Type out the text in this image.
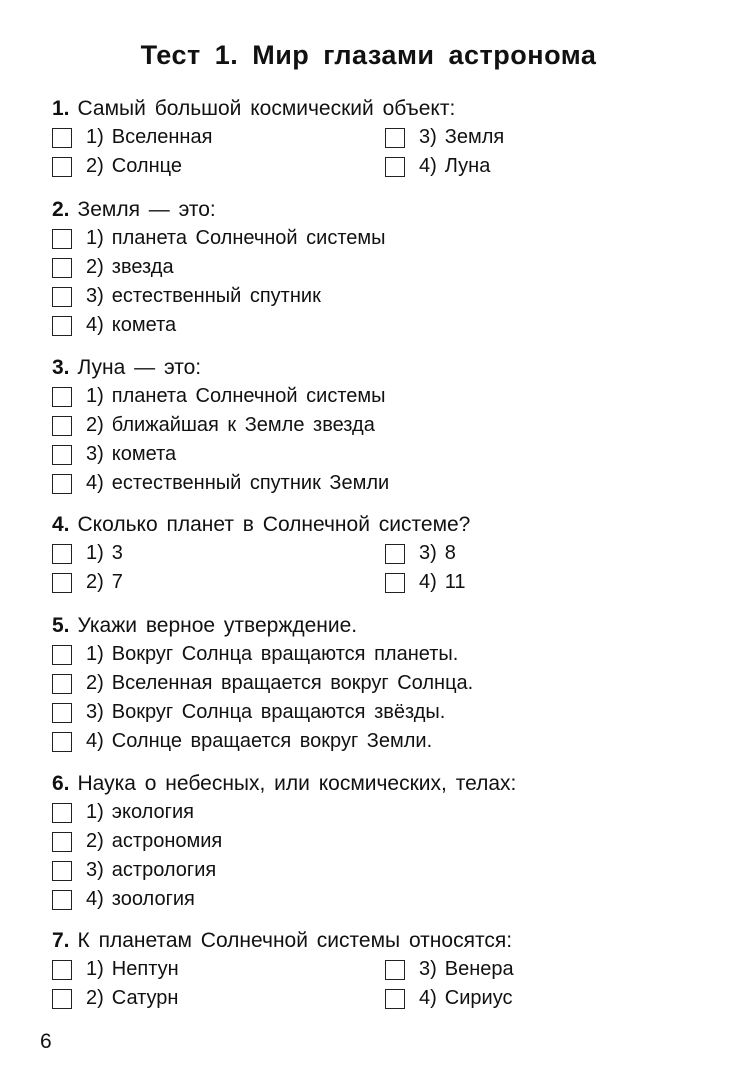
Тест 1. Мир глазами астронома
1. Самый большой космический объект:
1) Вселенная
2) Солнце
3) Земля
4) Луна
2. Земля — это:
1) планета Солнечной системы
2) звезда
3) естественный спутник
4) комета
3. Луна — это:
1) планета Солнечной системы
2) ближайшая к Земле звезда
3) комета
4) естественный спутник Земли
4. Сколько планет в Солнечной системе?
1) 3
2) 7
3) 8
4) 11
5. Укажи верное утверждение.
1) Вокруг Солнца вращаются планеты.
2) Вселенная вращается вокруг Солнца.
3) Вокруг Солнца вращаются звёзды.
4) Солнце вращается вокруг Земли.
6. Наука о небесных, или космических, телах:
1) экология
2) астрономия
3) астрология
4) зоология
7. К планетам Солнечной системы относятся:
1) Нептун
2) Сатурн
3) Венера
4) Сириус
6
